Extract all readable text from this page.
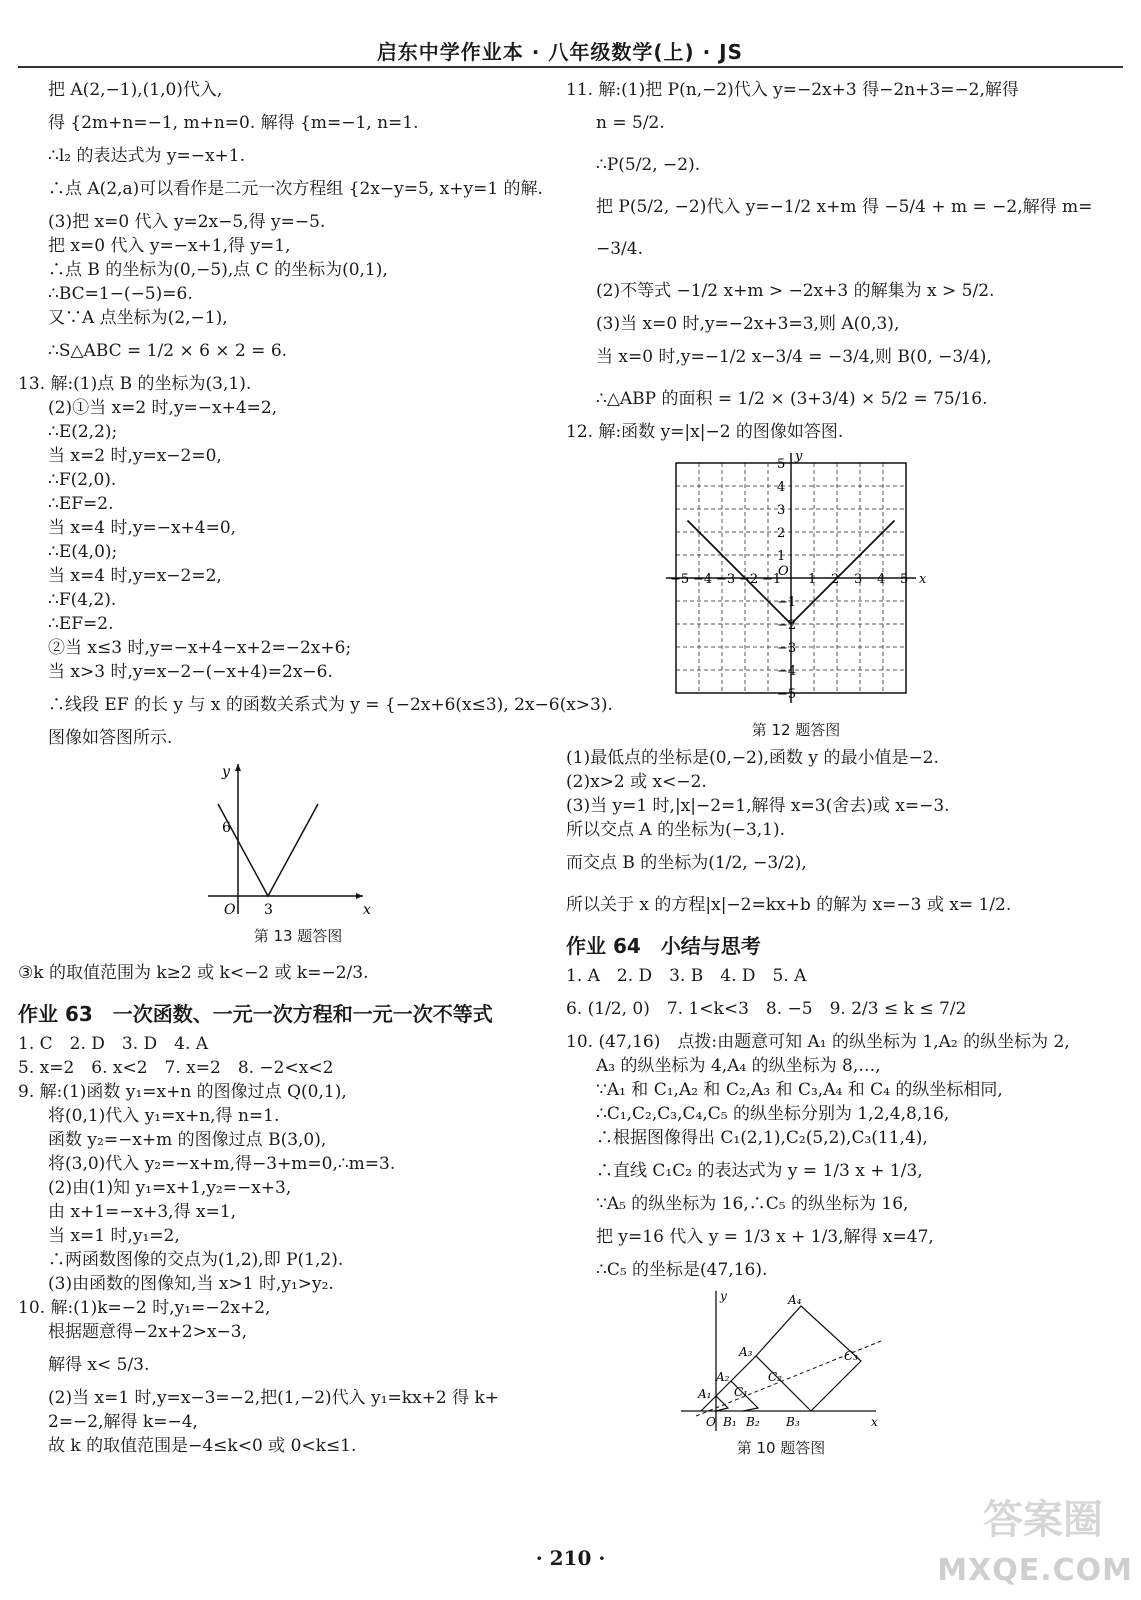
启东中学作业本 · 八年级数学(上) · JS
把 A(2,−1),(1,0)代入,
得 {2m+n=−1, m+n=0. 解得 {m=−1, n=1.
∴l₂ 的表达式为 y=−x+1.
∴点 A(2,a)可以看作是二元一次方程组 {2x−y=5, x+y=1 的解.
(3)把 x=0 代入 y=2x−5,得 y=−5.
把 x=0 代入 y=−x+1,得 y=1,
∴点 B 的坐标为(0,−5),点 C 的坐标为(0,1),
∴BC=1−(−5)=6.
又∵A 点坐标为(2,−1),
∴S△ABC = 1/2 × 6 × 2 = 6.
13. 解:(1)点 B 的坐标为(3,1).
(2)①当 x=2 时,y=−x+4=2,
∴E(2,2);
当 x=2 时,y=x−2=0,
∴F(2,0).
∴EF=2.
当 x=4 时,y=−x+4=0,
∴E(4,0);
当 x=4 时,y=x−2=2,
∴F(4,2).
∴EF=2.
②当 x≤3 时,y=−x+4−x+2=−2x+6;
当 x>3 时,y=x−2−(−x+4)=2x−6.
∴线段 EF 的长 y 与 x 的函数关系式为 y = {−2x+6(x≤3), 2x−6(x>3).
图像如答图所示.
y
x
O
6
3
第 13 题答图
③k 的取值范围为 k≥2 或 k<−2 或 k=−2/3.
作业 63　一次函数、一元一次方程和一元一次不等式
1. C　2. D　3. D　4. A
5. x=2　6. x<2　7. x=2　8. −2<x<2
9. 解:(1)函数 y₁=x+n 的图像过点 Q(0,1),
将(0,1)代入 y₁=x+n,得 n=1.
函数 y₂=−x+m 的图像过点 B(3,0),
将(3,0)代入 y₂=−x+m,得−3+m=0,∴m=3.
(2)由(1)知 y₁=x+1,y₂=−x+3,
由 x+1=−x+3,得 x=1,
当 x=1 时,y₁=2,
∴两函数图像的交点为(1,2),即 P(1,2).
(3)由函数的图像知,当 x>1 时,y₁>y₂.
10. 解:(1)k=−2 时,y₁=−2x+2,
根据题意得−2x+2>x−3,
解得 x< 5/3.
(2)当 x=1 时,y=x−3=−2,把(1,−2)代入 y₁=kx+2 得 k+
2=−2,解得 k=−4,
故 k 的取值范围是−4≤k<0 或 0<k≤1.
11. 解:(1)把 P(n,−2)代入 y=−2x+3 得−2n+3=−2,解得
n = 5/2.
∴P(5/2, −2).
把 P(5/2, −2)代入 y=−1/2 x+m 得 −5/4 + m = −2,解得 m=
−3/4.
(2)不等式 −1/2 x+m > −2x+3 的解集为 x > 5/2.
(3)当 x=0 时,y=−2x+3=3,则 A(0,3),
当 x=0 时,y=−1/2 x−3/4 = −3/4,则 B(0, −3/4),
∴△ABP 的面积 = 1/2 × (3+3/4) × 5/2 = 75/16.
12. 解:函数 y=|x|−2 的图像如答图.
−5 −4 −3 −2 −1 1 2 3 4 5
5
4
3
2
1
−1
−2
−3
−4
−5
x
y
O
第 12 题答图
(1)最低点的坐标是(0,−2),函数 y 的最小值是−2.
(2)x>2 或 x<−2.
(3)当 y=1 时,|x|−2=1,解得 x=3(舍去)或 x=−3.
所以交点 A 的坐标为(−3,1).
而交点 B 的坐标为(1/2, −3/2),
所以关于 x 的方程|x|−2=kx+b 的解为 x=−3 或 x= 1/2.
作业 64　小结与思考
1. A　2. D　3. B　4. D　5. A
6. (1/2, 0)　7. 1<k<3　8. −5　9. 2/3 ≤ k ≤ 7/2
10. (47,16)　点拨:由题意可知 A₁ 的纵坐标为 1,A₂ 的纵坐标为 2,
A₃ 的纵坐标为 4,A₄ 的纵坐标为 8,…,
∵A₁ 和 C₁,A₂ 和 C₂,A₃ 和 C₃,A₄ 和 C₄ 的纵坐标相同,
∴C₁,C₂,C₃,C₄,C₅ 的纵坐标分别为 1,2,4,8,16,
∴根据图像得出 C₁(2,1),C₂(5,2),C₃(11,4),
∴直线 C₁C₂ 的表达式为 y = 1/3 x + 1/3,
∵A₅ 的纵坐标为 16,∴C₅ 的纵坐标为 16,
把 y=16 代入 y = 1/3 x + 1/3,解得 x=47,
∴C₅ 的坐标是(47,16).
y
x
O
A₁
A₂
A₃
A₄
B₁ B₂ B₃
C₁
C₂
C₃
第 10 题答图
· 210 ·
答案圈
MXQE.COM
